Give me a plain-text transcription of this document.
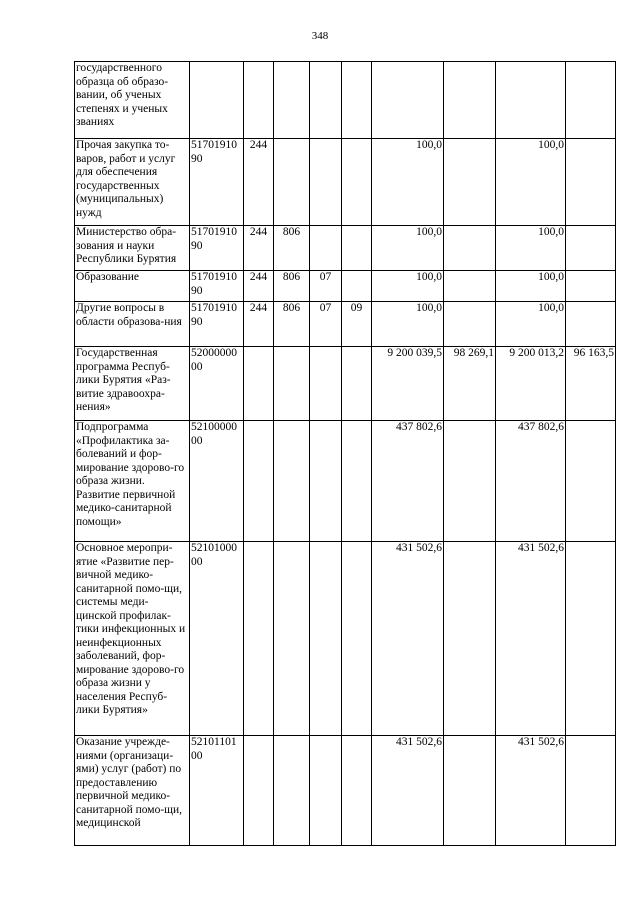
348
государственного образца об образо-вании, об ученых степенях и ученых званиях									
Прочая закупка то-варов, работ и услуг для обеспечения государственных (муниципальных) нужд	51701910 90	244				100,0		100,0	
Министерство обра-зования и науки Республики Бурятия	51701910 90	244	806			100,0		100,0	
Образование	51701910 90	244	806	07		100,0		100,0	
Другие вопросы в области образова-ния	51701910 90	244	806	07	09	100,0		100,0	
Государственная программа Респуб-лики Бурятия «Раз-витие здравоохра-нения»	52000000 00					9 200 039,5	98 269,1	9 200 013,2	96 163,5
Подпрограмма «Профилактика за-болеваний и фор-мирование здорово-го образа жизни. Развитие первичной медико-санитарной помощи»	52100000 00					437 802,6		437 802,6	
Основное меропри-ятие «Развитие пер-вичной медико-санитарной помо-щи, системы меди-цинской профилак-тики инфекционных и неинфекционных заболеваний, фор-мирование здорово-го образа жизни у населения Респуб-лики Бурятия»	52101000 00					431 502,6		431 502,6	
Оказание учрежде-ниями (организаци-ями) услуг (работ) по предоставлению первичной медико-санитарной помо-щи, медицинской	52101101 00					431 502,6		431 502,6	
